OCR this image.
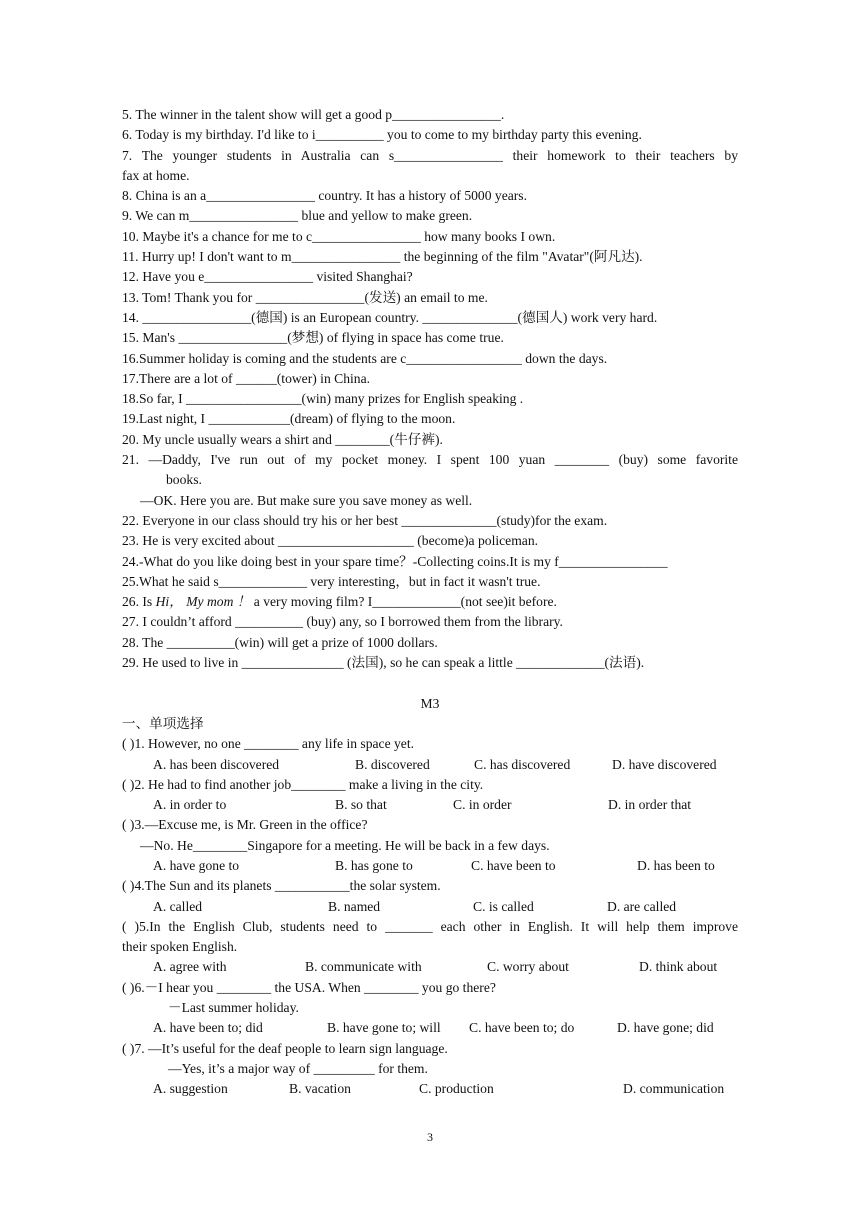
5. The winner in the talent show will get a good p________________.
6. Today is my birthday. I'd like to i__________ you to come to my birthday party this evening.
7. The younger students in Australia can s________________ their homework to their teachers by
fax at home.
8. China is an a________________ country. It has a history of 5000 years.
9. We can m________________ blue and yellow to make green.
10. Maybe it's a chance for me to c________________ how many books I own.
11. Hurry up! I don't want to m________________ the beginning of the film "Avatar"(阿凡达).
12. Have you e________________ visited Shanghai?
13. Tom! Thank you for ________________(发送) an email to me.
14. ________________(德国) is an European country. ______________(德国人) work very hard.
15. Man's ________________(梦想) of flying in space has come true.
16.Summer holiday is coming and the students are c_________________ down the days.
17.There are a lot of ______(tower) in China.
18.So far, I _________________(win) many prizes for English speaking .
19.Last night, I ____________(dream) of flying to the moon.
20. My uncle usually wears a shirt and ________(牛仔裤).
21. —Daddy, I've run out of my pocket money. I spent 100 yuan ________ (buy) some favorite
books.
—OK. Here you are. But make sure you save money as well.
22. Everyone in our class should try his or her best ______________(study)for the exam.
23. He is very excited about ____________________ (become)a policeman.
24.-What do you like doing best in your spare time？-Collecting coins.It is my f________________
25.What he said s_____________ very interesting，but in fact it wasn't true.
26. Is Hi， My mom ！ a very moving film? I_____________(not see)it before.
27. I couldn’t afford __________ (buy) any, so I borrowed them from the library.
28. The __________(win) will get a prize of 1000 dollars.
29. He used to live in _______________ (法国), so he can speak a little _____________(法语).
M3
一、单项选择
( )1. However, no one ________ any life in space yet.
A. has been discovered	B. discovered	C. has discovered	D. have discovered
( )2. He had to find another job________ make a living in the city.
A. in order to	B. so that	C. in order	D. in order that
( )3.—Excuse me, is Mr. Green in the office?
—No. He________Singapore for a meeting. He will be back in a few days.
A. have gone to	B. has gone to	C. have been to	D. has been to
( )4.The Sun and its planets ___________the solar system.
A. called	B. named	C. is called	D. are called
( )5.In the English Club, students need to _______ each other in English. It will help them improve
their spoken English.
A. agree with	B. communicate with	C. worry about	D. think about
( )6.－I hear you ________ the USA. When ________ you go there?
－Last summer holiday.
A. have been to; did	B. have gone to; will	C. have been to; do	D. have gone; did
( )7. —It’s useful for the deaf people to learn sign language.
—Yes, it’s a major way of _________ for them.
A. suggestion	B. vacation	C. production	D. communication
3
